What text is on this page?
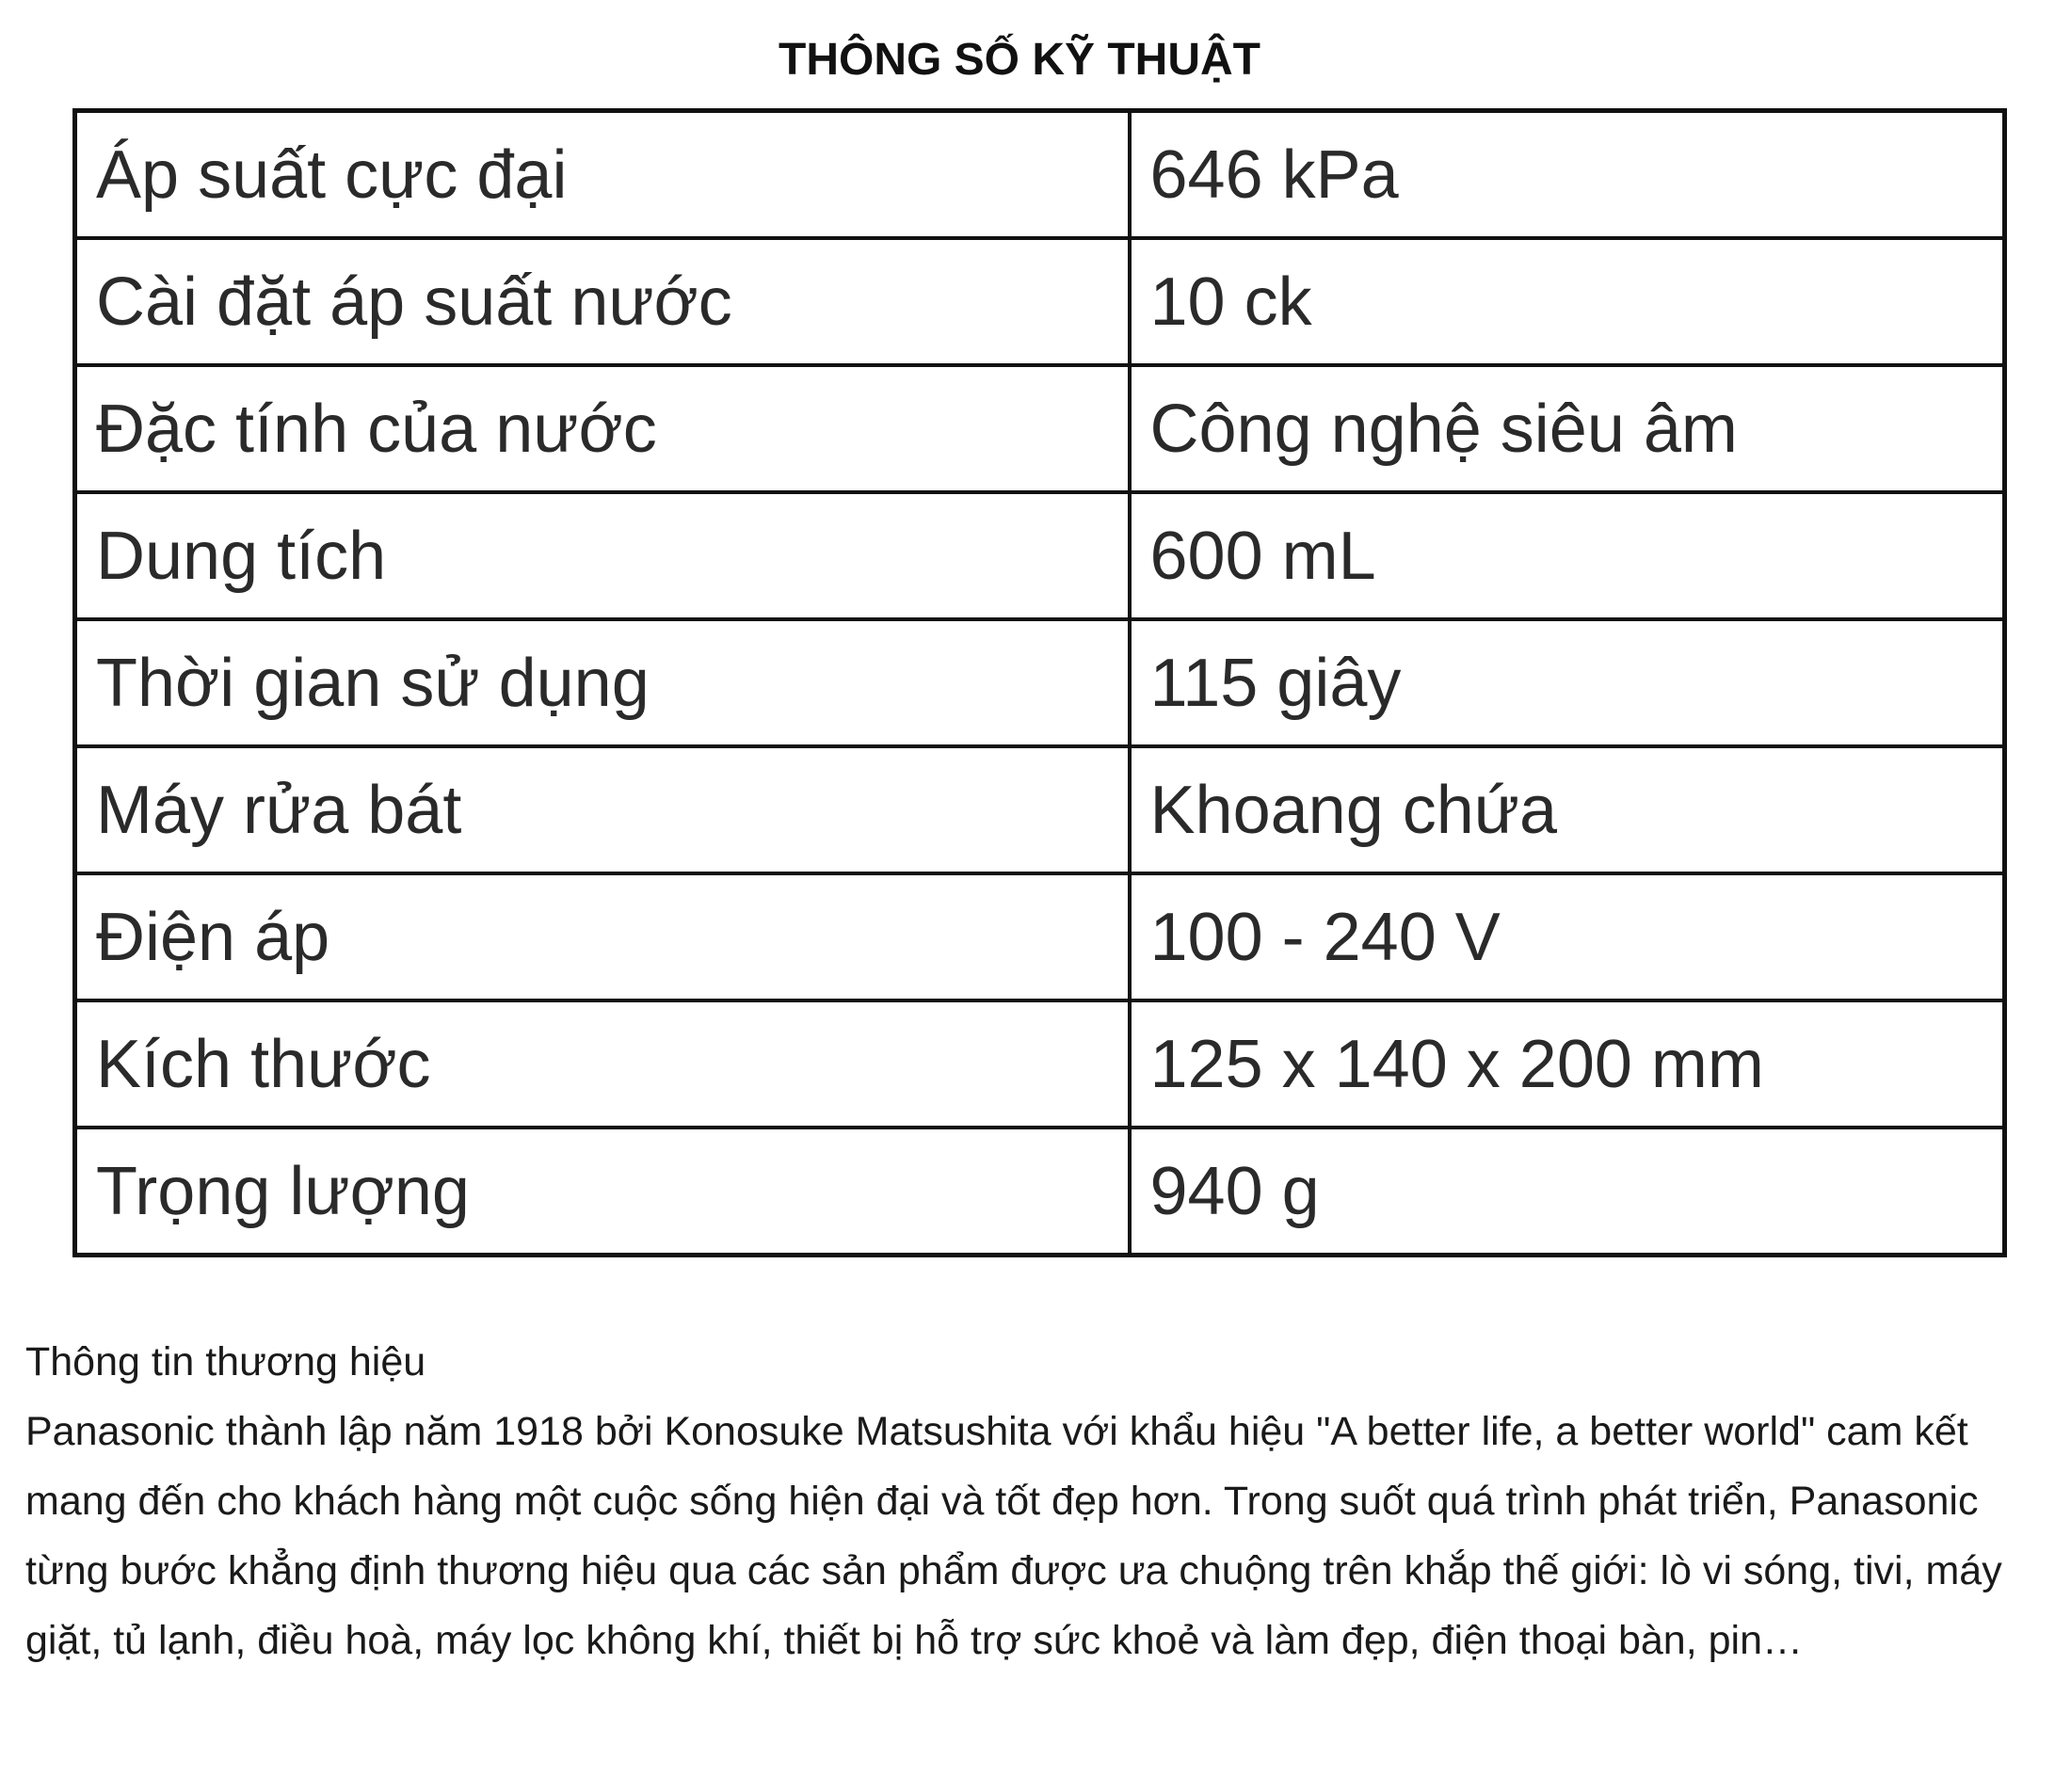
THÔNG SỐ KỸ THUẬT
Áp suất cực đại	646 kPa
Cài đặt áp suất nước	10 ck
Đặc tính của nước	Công nghệ siêu âm
Dung tích	600 mL
Thời gian sử dụng	115 giây
Máy rửa bát	Khoang chứa
Điện áp	100 - 240 V
Kích thước	125 x 140 x 200 mm
Trọng lượng	940 g

Thông tin thương hiệu

Panasonic thành lập năm 1918 bởi Konosuke Matsushita với khẩu hiệu "A better life, a better world" cam kết mang đến cho khách hàng một cuộc sống hiện đại và tốt đẹp hơn. Trong suốt quá trình phát triển, Panasonic từng bước khẳng định thương hiệu qua các sản phẩm được ưa chuộng trên khắp thế giới: lò vi sóng, tivi, máy giặt, tủ lạnh, điều hoà, máy lọc không khí, thiết bị hỗ trợ sức khoẻ và làm đẹp, điện thoại bàn, pin…
